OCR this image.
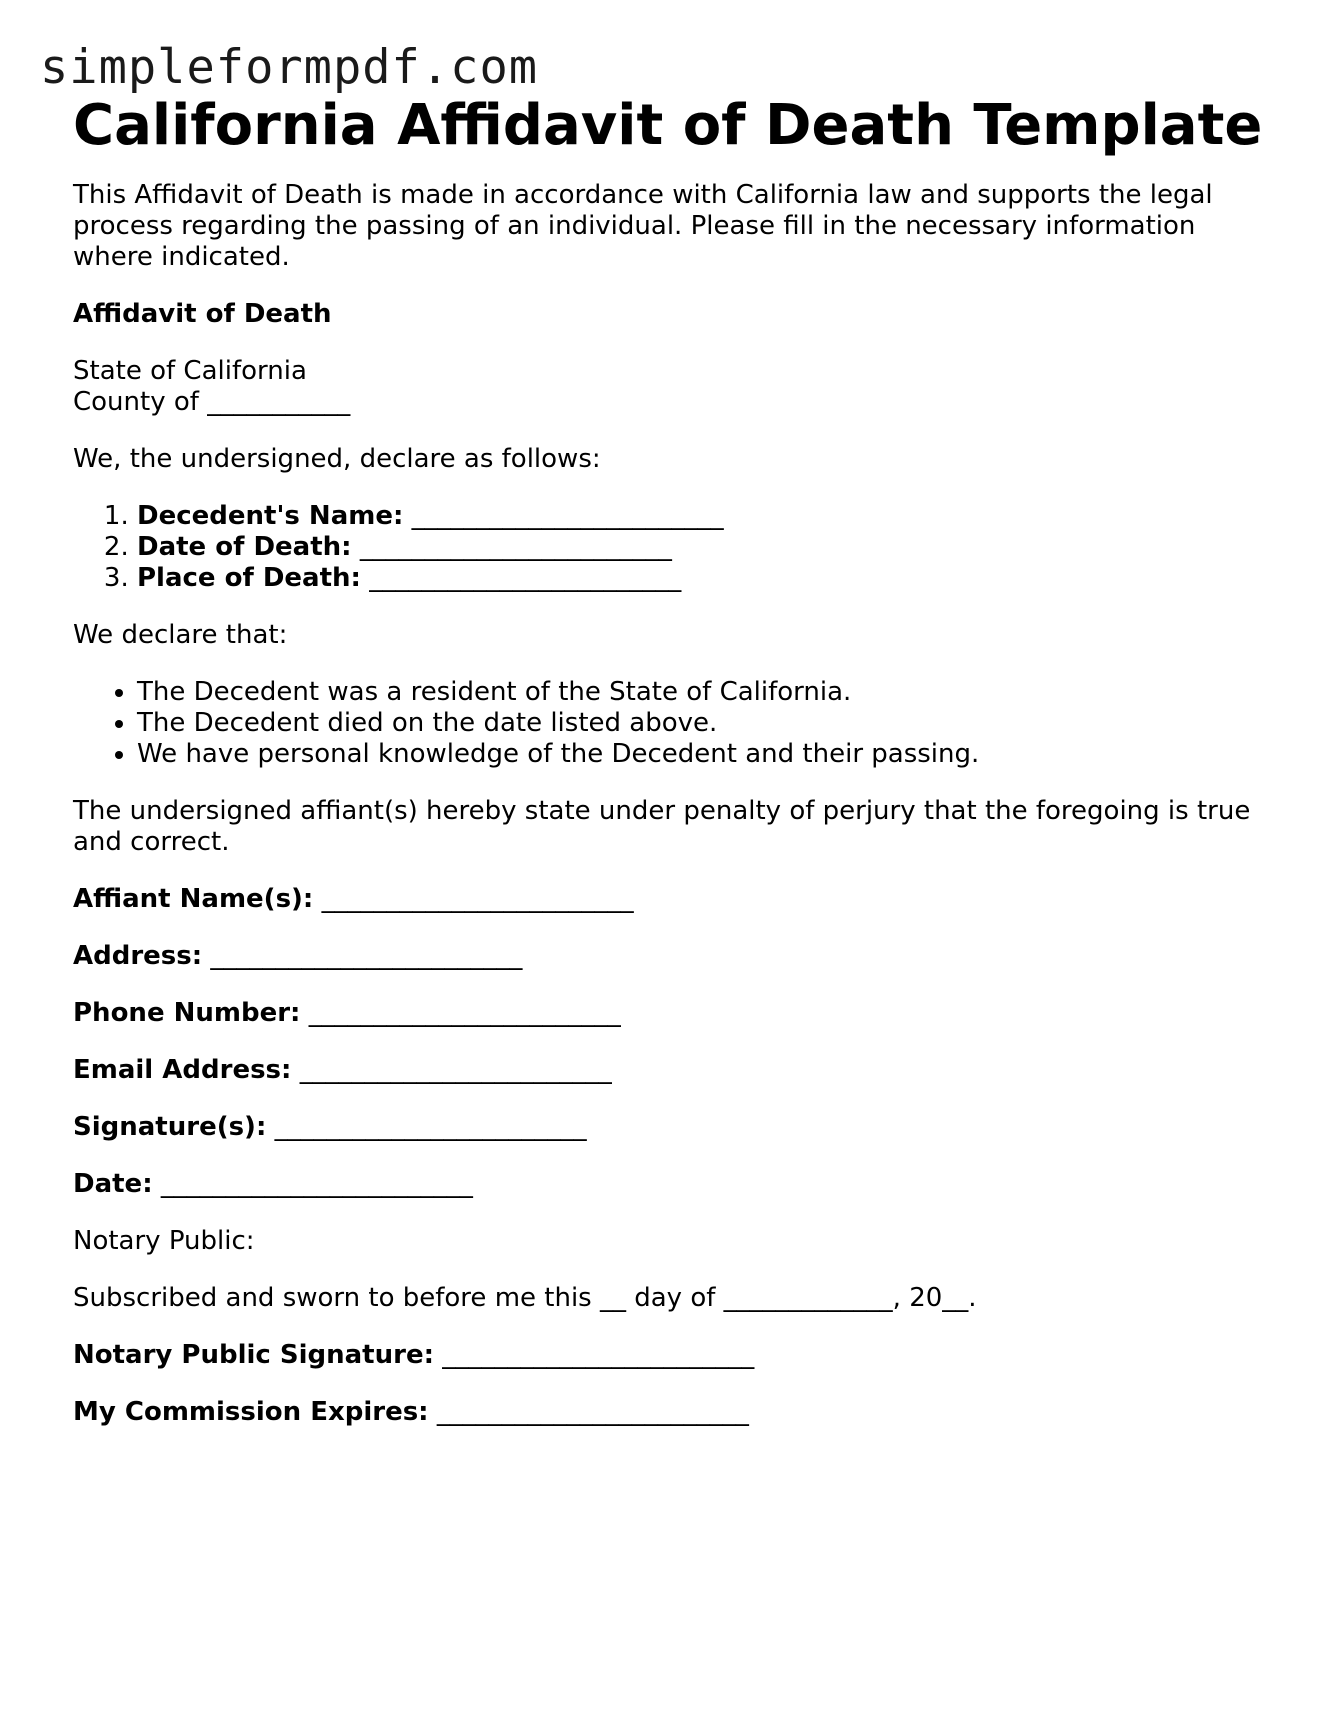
simpleformpdf.com
California Affidavit of Death Template

This Affidavit of Death is made in accordance with California law and supports the legal process regarding the passing of an individual. Please fill in the necessary information where indicated.

Affidavit of Death

State of California

County of ___________

We, the undersigned, declare as follows:

1. Decedent's Name: ________________________
2. Date of Death: ________________________
3. Place of Death: ________________________

We declare that:

• The Decedent was a resident of the State of California.
• The Decedent died on the date listed above.
• We have personal knowledge of the Decedent and their passing.

The undersigned affiant(s) hereby state under penalty of perjury that the foregoing is true and correct.

Affiant Name(s): ________________________

Address: ________________________

Phone Number: ________________________

Email Address: ________________________

Signature(s): ________________________

Date: ________________________

Notary Public:

Subscribed and sworn to before me this __ day of _____________, 20__.

Notary Public Signature: ________________________

My Commission Expires: ________________________
